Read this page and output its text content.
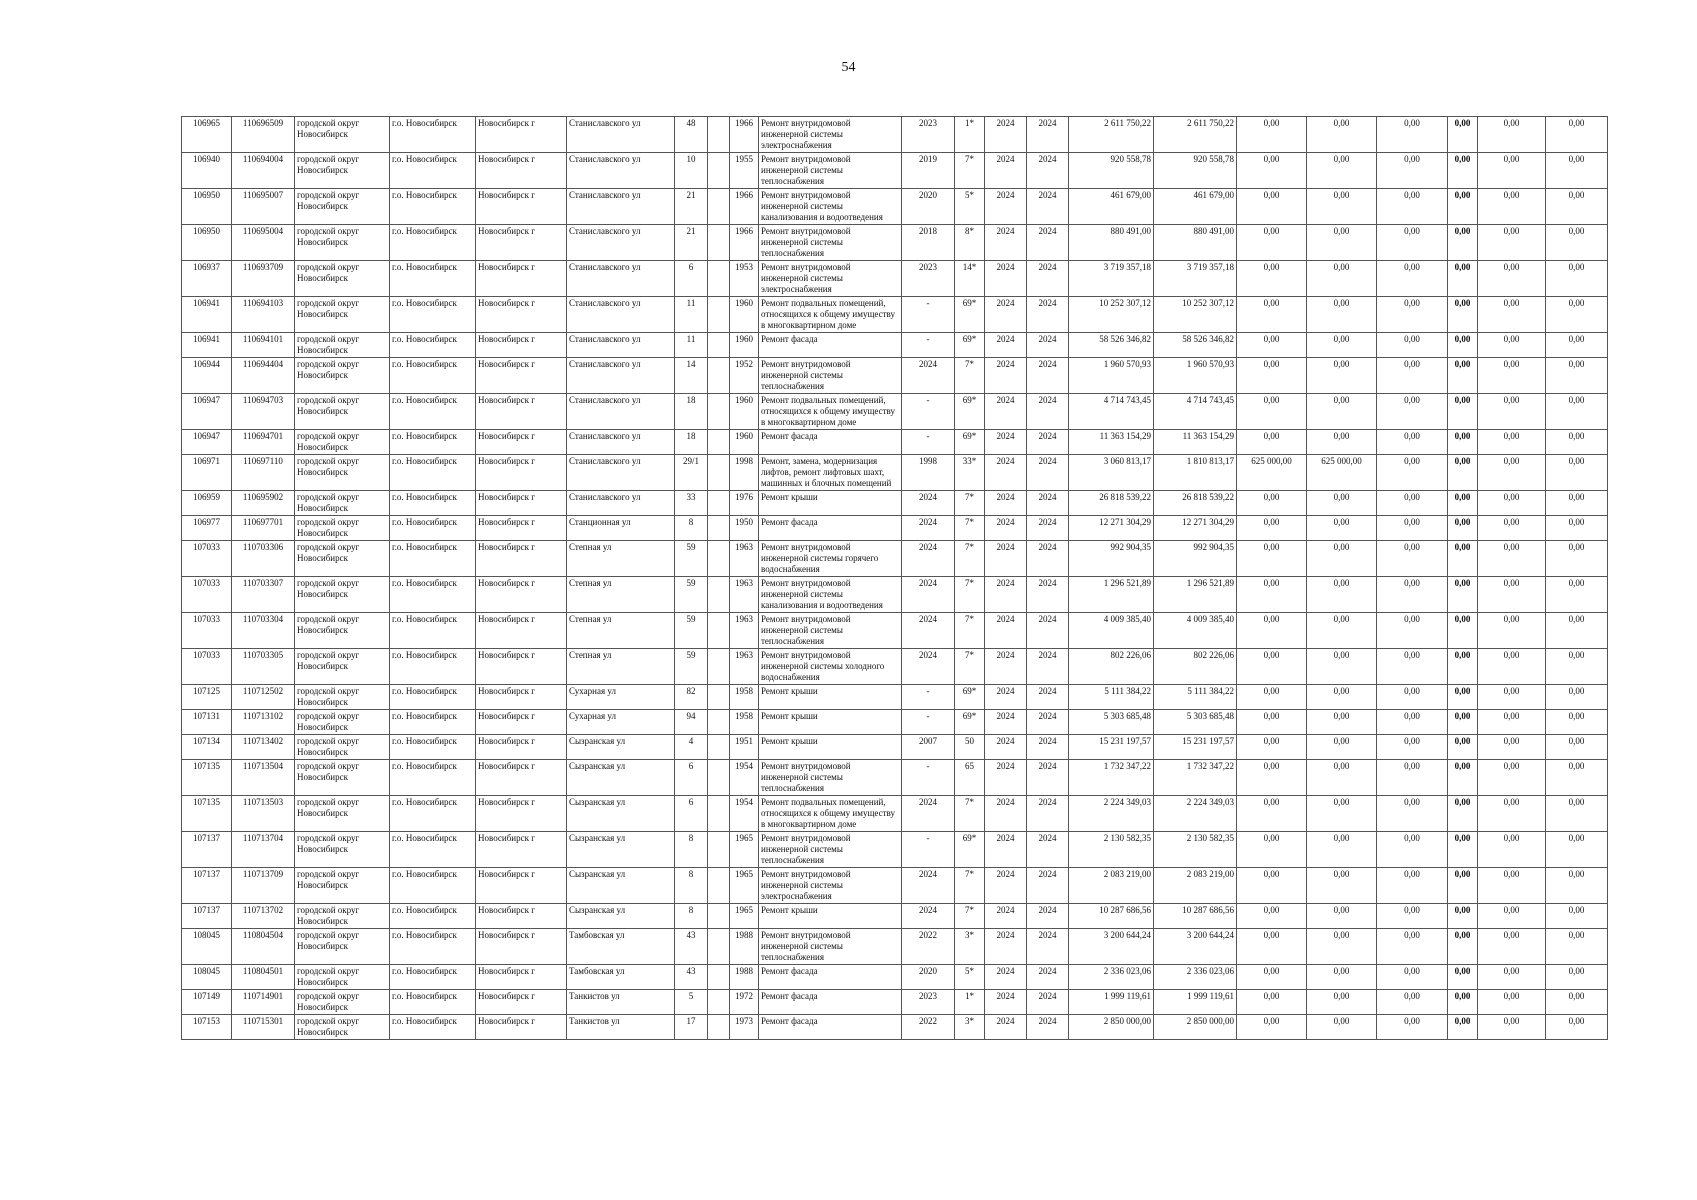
54
106965	110696509	городской округ Новосибирск	г.о. Новосибирск	Новосибирск г	Станиславского ул	48		1966	Ремонт внутридомовой инженерной системы электроснабжения	2023	1*	2024	2024	2 611 750,22	2 611 750,22	0,00	0,00	0,00	0,00	0,00	0,00
106940	110694004	городской округ Новосибирск	г.о. Новосибирск	Новосибирск г	Станиславского ул	10		1955	Ремонт внутридомовой инженерной системы теплоснабжения	2019	7*	2024	2024	920 558,78	920 558,78	0,00	0,00	0,00	0,00	0,00	0,00
106950	110695007	городской округ Новосибирск	г.о. Новосибирск	Новосибирск г	Станиславского ул	21		1966	Ремонт внутридомовой инженерной системы канализования и водоотведения	2020	5*	2024	2024	461 679,00	461 679,00	0,00	0,00	0,00	0,00	0,00	0,00
106950	110695004	городской округ Новосибирск	г.о. Новосибирск	Новосибирск г	Станиславского ул	21		1966	Ремонт внутридомовой инженерной системы теплоснабжения	2018	8*	2024	2024	880 491,00	880 491,00	0,00	0,00	0,00	0,00	0,00	0,00
106937	110693709	городской округ Новосибирск	г.о. Новосибирск	Новосибирск г	Станиславского ул	6		1953	Ремонт внутридомовой инженерной системы электроснабжения	2023	14*	2024	2024	3 719 357,18	3 719 357,18	0,00	0,00	0,00	0,00	0,00	0,00
106941	110694103	городской округ Новосибирск	г.о. Новосибирск	Новосибирск г	Станиславского ул	11		1960	Ремонт подвальных помещений, относящихся к общему имуществу в многоквартирном доме	-	69*	2024	2024	10 252 307,12	10 252 307,12	0,00	0,00	0,00	0,00	0,00	0,00
106941	110694101	городской округ Новосибирск	г.о. Новосибирск	Новосибирск г	Станиславского ул	11		1960	Ремонт фасада	-	69*	2024	2024	58 526 346,82	58 526 346,82	0,00	0,00	0,00	0,00	0,00	0,00
106944	110694404	городской округ Новосибирск	г.о. Новосибирск	Новосибирск г	Станиславского ул	14		1952	Ремонт внутридомовой инженерной системы теплоснабжения	2024	7*	2024	2024	1 960 570,93	1 960 570,93	0,00	0,00	0,00	0,00	0,00	0,00
106947	110694703	городской округ Новосибирск	г.о. Новосибирск	Новосибирск г	Станиславского ул	18		1960	Ремонт подвальных помещений, относящихся к общему имуществу в многоквартирном доме	-	69*	2024	2024	4 714 743,45	4 714 743,45	0,00	0,00	0,00	0,00	0,00	0,00
106947	110694701	городской округ Новосибирск	г.о. Новосибирск	Новосибирск г	Станиславского ул	18		1960	Ремонт фасада	-	69*	2024	2024	11 363 154,29	11 363 154,29	0,00	0,00	0,00	0,00	0,00	0,00
106971	110697110	городской округ Новосибирск	г.о. Новосибирск	Новосибирск г	Станиславского ул	29/1		1998	Ремонт, замена, модернизация лифтов, ремонт лифтовых шахт, машинных и блочных помещений	1998	33*	2024	2024	3 060 813,17	1 810 813,17	625 000,00	625 000,00	0,00	0,00	0,00	0,00
106959	110695902	городской округ Новосибирск	г.о. Новосибирск	Новосибирск г	Станиславского ул	33		1976	Ремонт крыши	2024	7*	2024	2024	26 818 539,22	26 818 539,22	0,00	0,00	0,00	0,00	0,00	0,00
106977	110697701	городской округ Новосибирск	г.о. Новосибирск	Новосибирск г	Станционная ул	8		1950	Ремонт фасада	2024	7*	2024	2024	12 271 304,29	12 271 304,29	0,00	0,00	0,00	0,00	0,00	0,00
107033	110703306	городской округ Новосибирск	г.о. Новосибирск	Новосибирск г	Степная ул	59		1963	Ремонт внутридомовой инженерной системы горячего водоснабжения	2024	7*	2024	2024	992 904,35	992 904,35	0,00	0,00	0,00	0,00	0,00	0,00
107033	110703307	городской округ Новосибирск	г.о. Новосибирск	Новосибирск г	Степная ул	59		1963	Ремонт внутридомовой инженерной системы канализования и водоотведения	2024	7*	2024	2024	1 296 521,89	1 296 521,89	0,00	0,00	0,00	0,00	0,00	0,00
107033	110703304	городской округ Новосибирск	г.о. Новосибирск	Новосибирск г	Степная ул	59		1963	Ремонт внутридомовой инженерной системы теплоснабжения	2024	7*	2024	2024	4 009 385,40	4 009 385,40	0,00	0,00	0,00	0,00	0,00	0,00
107033	110703305	городской округ Новосибирск	г.о. Новосибирск	Новосибирск г	Степная ул	59		1963	Ремонт внутридомовой инженерной системы холодного водоснабжения	2024	7*	2024	2024	802 226,06	802 226,06	0,00	0,00	0,00	0,00	0,00	0,00
107125	110712502	городской округ Новосибирск	г.о. Новосибирск	Новосибирск г	Сухарная ул	82		1958	Ремонт крыши	-	69*	2024	2024	5 111 384,22	5 111 384,22	0,00	0,00	0,00	0,00	0,00	0,00
107131	110713102	городской округ Новосибирск	г.о. Новосибирск	Новосибирск г	Сухарная ул	94		1958	Ремонт крыши	-	69*	2024	2024	5 303 685,48	5 303 685,48	0,00	0,00	0,00	0,00	0,00	0,00
107134	110713402	городской округ Новосибирск	г.о. Новосибирск	Новосибирск г	Сызранская ул	4		1951	Ремонт крыши	2007	50	2024	2024	15 231 197,57	15 231 197,57	0,00	0,00	0,00	0,00	0,00	0,00
107135	110713504	городской округ Новосибирск	г.о. Новосибирск	Новосибирск г	Сызранская ул	6		1954	Ремонт внутридомовой инженерной системы теплоснабжения	-	65	2024	2024	1 732 347,22	1 732 347,22	0,00	0,00	0,00	0,00	0,00	0,00
107135	110713503	городской округ Новосибирск	г.о. Новосибирск	Новосибирск г	Сызранская ул	6		1954	Ремонт подвальных помещений, относящихся к общему имуществу в многоквартирном доме	2024	7*	2024	2024	2 224 349,03	2 224 349,03	0,00	0,00	0,00	0,00	0,00	0,00
107137	110713704	городской округ Новосибирск	г.о. Новосибирск	Новосибирск г	Сызранская ул	8		1965	Ремонт внутридомовой инженерной системы теплоснабжения	-	69*	2024	2024	2 130 582,35	2 130 582,35	0,00	0,00	0,00	0,00	0,00	0,00
107137	110713709	городской округ Новосибирск	г.о. Новосибирск	Новосибирск г	Сызранская ул	8		1965	Ремонт внутридомовой инженерной системы электроснабжения	2024	7*	2024	2024	2 083 219,00	2 083 219,00	0,00	0,00	0,00	0,00	0,00	0,00
107137	110713702	городской округ Новосибирск	г.о. Новосибирск	Новосибирск г	Сызранская ул	8		1965	Ремонт крыши	2024	7*	2024	2024	10 287 686,56	10 287 686,56	0,00	0,00	0,00	0,00	0,00	0,00
108045	110804504	городской округ Новосибирск	г.о. Новосибирск	Новосибирск г	Тамбовская ул	43		1988	Ремонт внутридомовой инженерной системы теплоснабжения	2022	3*	2024	2024	3 200 644,24	3 200 644,24	0,00	0,00	0,00	0,00	0,00	0,00
108045	110804501	городской округ Новосибирск	г.о. Новосибирск	Новосибирск г	Тамбовская ул	43		1988	Ремонт фасада	2020	5*	2024	2024	2 336 023,06	2 336 023,06	0,00	0,00	0,00	0,00	0,00	0,00
107149	110714901	городской округ Новосибирск	г.о. Новосибирск	Новосибирск г	Танкистов ул	5		1972	Ремонт фасада	2023	1*	2024	2024	1 999 119,61	1 999 119,61	0,00	0,00	0,00	0,00	0,00	0,00
107153	110715301	городской округ Новосибирск	г.о. Новосибирск	Новосибирск г	Танкистов ул	17		1973	Ремонт фасада	2022	3*	2024	2024	2 850 000,00	2 850 000,00	0,00	0,00	0,00	0,00	0,00	0,00
